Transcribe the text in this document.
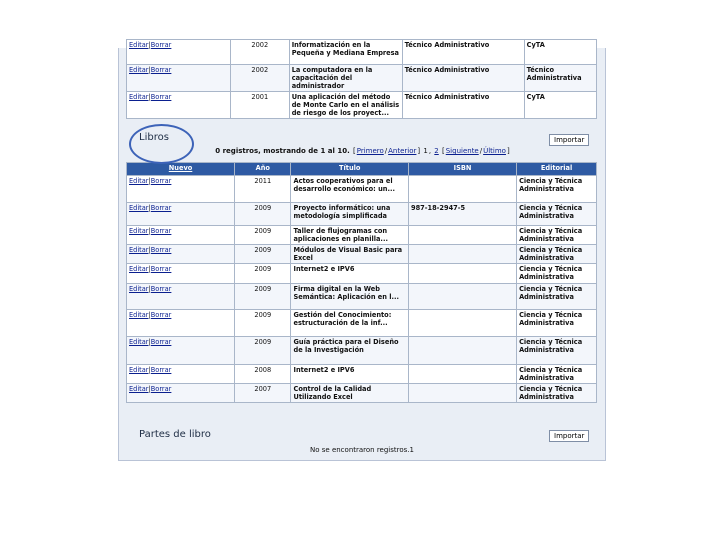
Editar|Borrar	2002	Informatización en la Pequeña y Mediana Empresa	Técnico Administrativo	CyTA
Editar|Borrar	2002	La computadora en la capacitación del administrador	Técnico Administrativo	Técnico Administrativa
Editar|Borrar	2001	Una aplicación del método de Monte Carlo en el análisis de riesgo de los proyect...	Técnico Administrativo	CyTA
Libros	Importar
0 registros, mostrando de 1 al 10. [Primero/Anterior] 1, 2 [Siguiente/Último]
Nuevo	Año	Título	ISBN	Editorial
Editar|Borrar	2011	Actos cooperativos para el desarrollo económico: un...		Ciencia y Técnica Administrativa
Editar|Borrar	2009	Proyecto informático: una metodología simplificada	987-18-2947-5	Ciencia y Técnica Administrativa
Editar|Borrar	2009	Taller de flujogramas con aplicaciones en planilla...		Ciencia y Técnica Administrativa
Editar|Borrar	2009	Módulos de Visual Basic para Excel		Ciencia y Técnica Administrativa
Editar|Borrar	2009	Internet2 e IPV6		Ciencia y Técnica Administrativa
Editar|Borrar	2009	Firma digital en la Web Semántica: Aplicación en l...		Ciencia y Técnica Administrativa
Editar|Borrar	2009	Gestión del Conocimiento: estructuración de la inf...		Ciencia y Técnica Administrativa
Editar|Borrar	2009	Guía práctica para el Diseño de la Investigación		Ciencia y Técnica Administrativa
Editar|Borrar	2008	Internet2 e IPV6		Ciencia y Técnica Administrativa
Editar|Borrar	2007	Control de la Calidad Utilizando Excel		Ciencia y Técnica Administrativa
Partes de libro	Importar
No se encontraron registros.1
